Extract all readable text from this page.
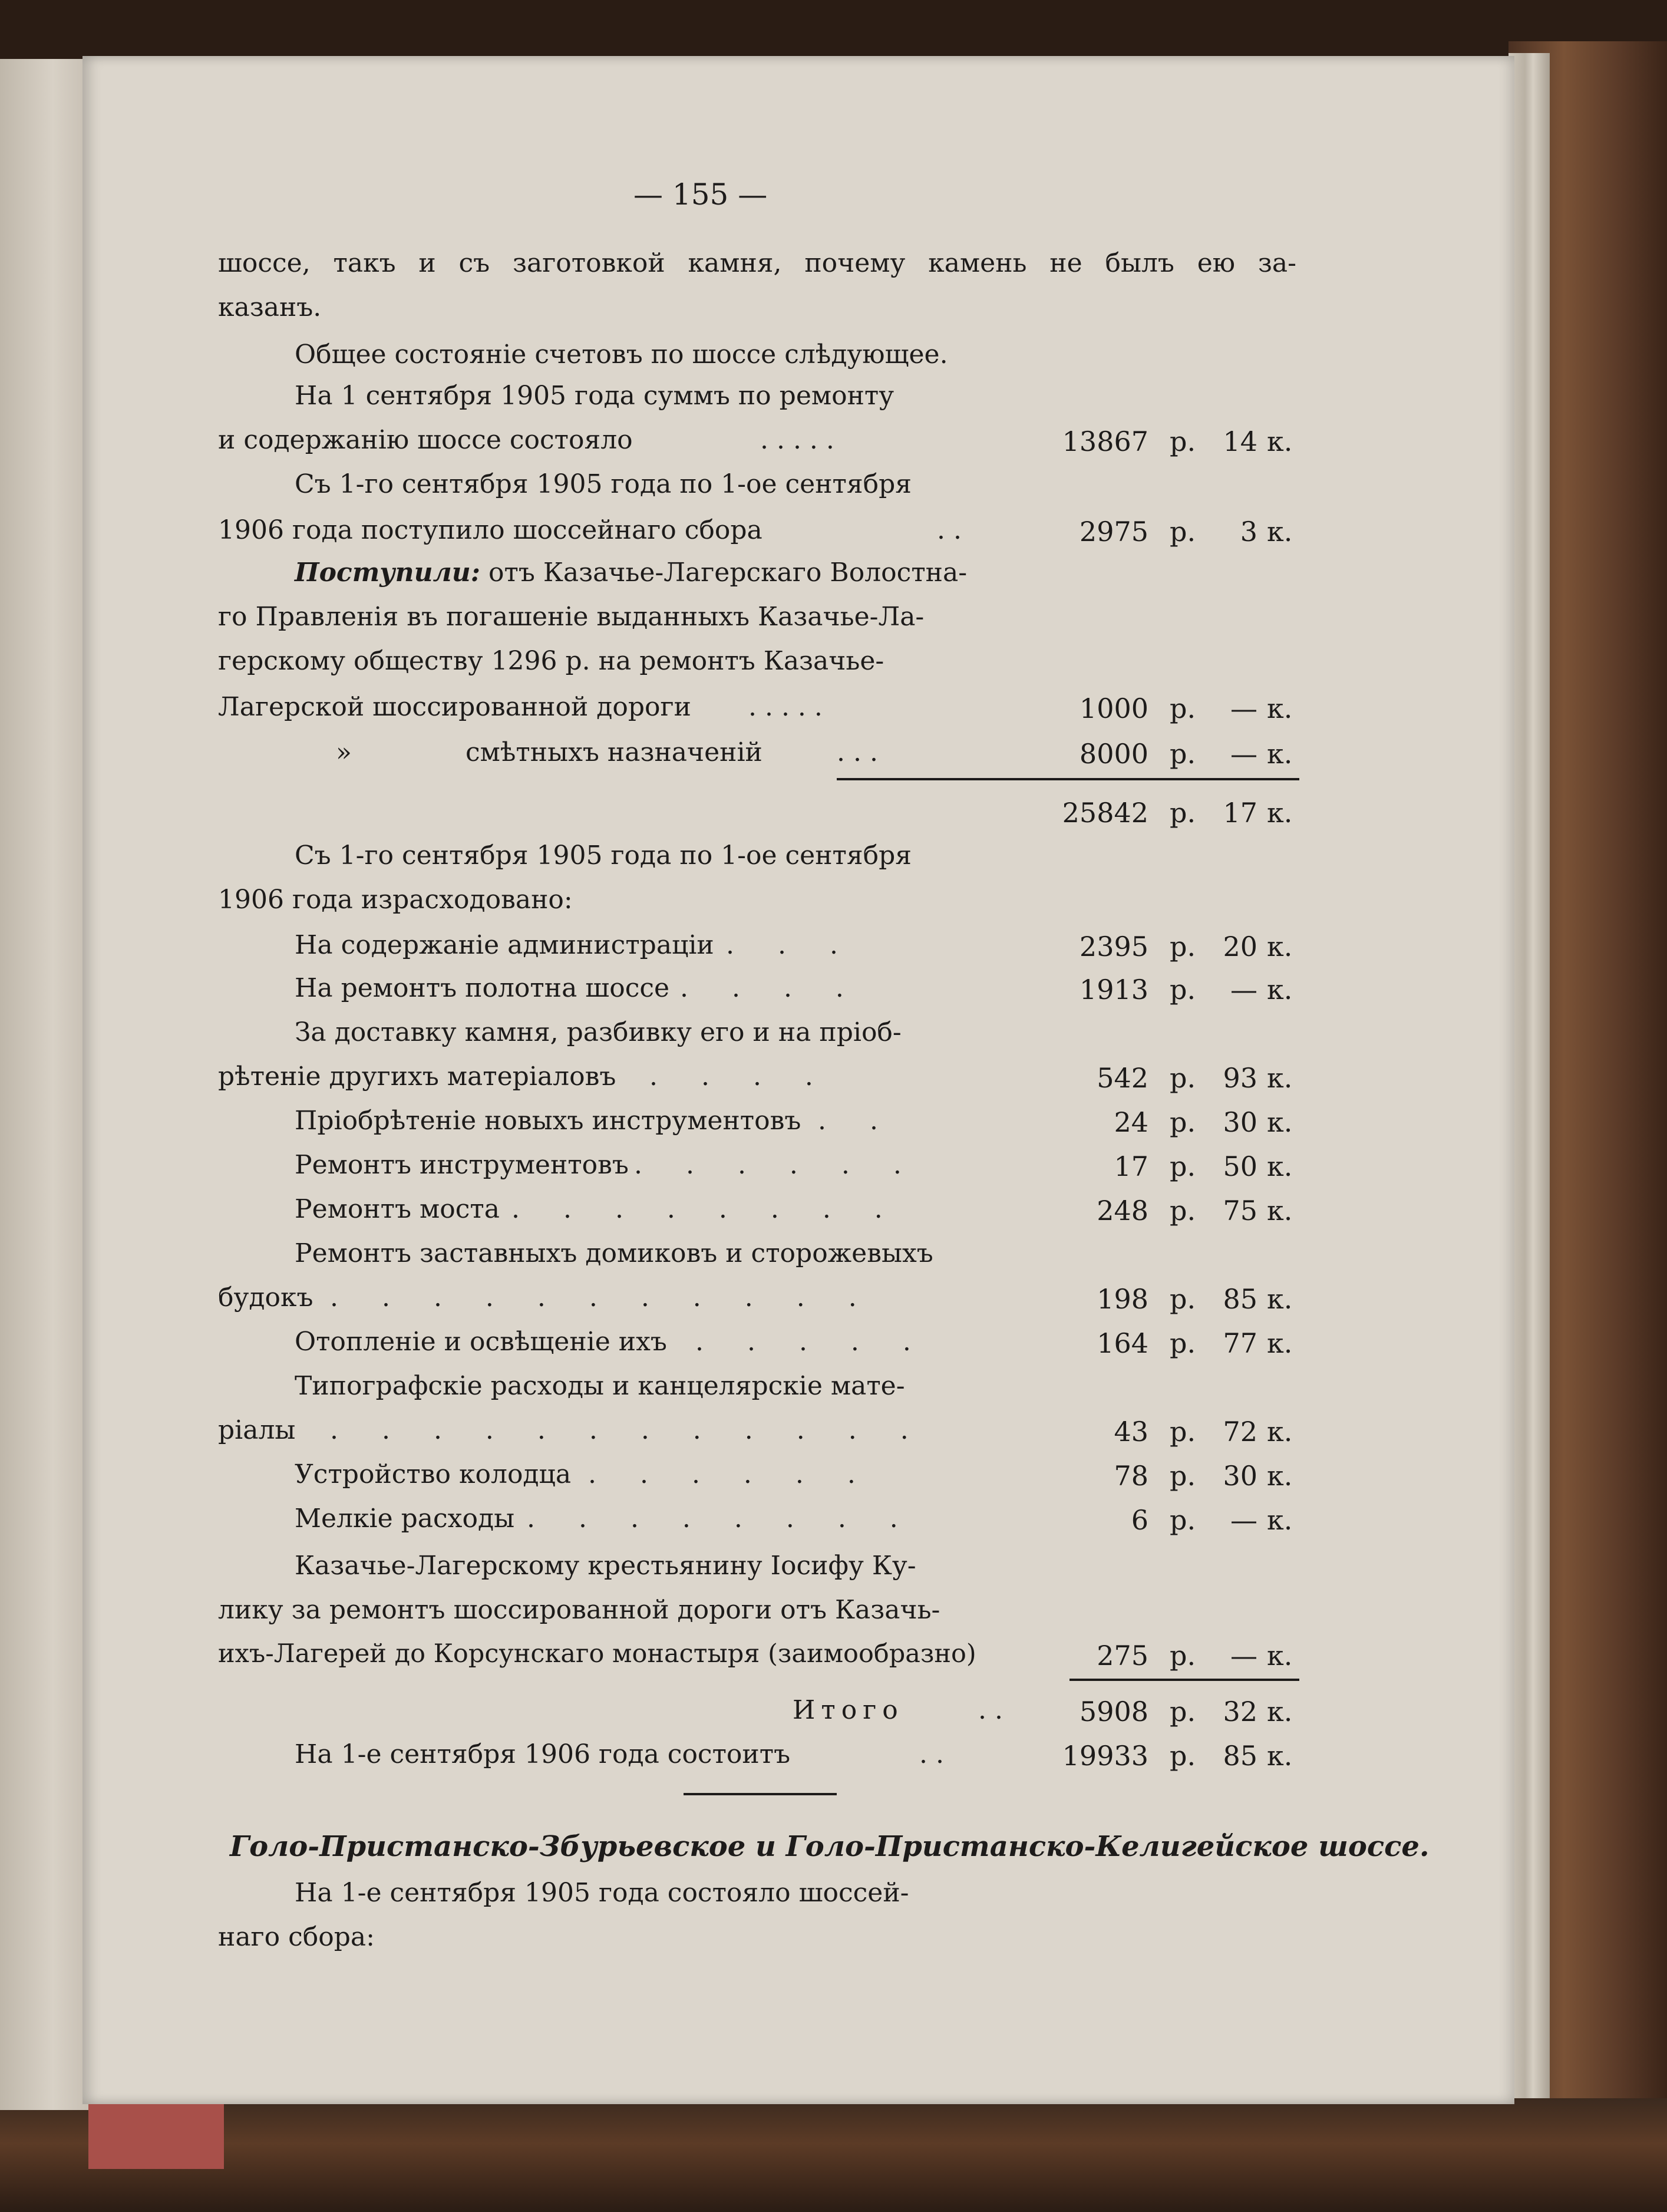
— 155 —
шоссе, такъ и съ заготовкой камня, почему камень не былъ ею за-
казанъ.
Общее состояніе счетовъ по шоссе слѣдующее.
На 1 сентября 1905 года суммъ по ремонту
и содержанію шоссе состояло	. . . . .	13867 р. 14 к.
Съ 1-го сентября 1905 года по 1-ое сентября
1906 года поступило шоссейнаго сбора	. .	2975 р. 3 к.
Поступили: отъ Казачье-Лагерскаго Волостна-
го Правленія въ погашеніе выданныхъ Казачье-Ла-
герскому обществу 1296 р. на ремонтъ Казачье-
Лагерской шоссированной дороги . . . . .	1000 р. — к.
»	смѣтныхъ назначеній	. . .	8000 р. — к.
25842 р. 17 к.
Съ 1-го сентября 1905 года по 1-ое сентября
1906 года израсходовано:
На содержаніе администраціи . . .	2395 р. 20 к.
На ремонтъ полотна шоссе . . . .	1913 р. — к.
За доставку камня, разбивку его и на пріоб-
рѣтеніе другихъ матеріаловъ . . . .	542 р. 93 к.
Пріобрѣтеніе новыхъ инструментовъ . .	24 р. 30 к.
Ремонтъ инструментовъ . . . . . .	17 р. 50 к.
Ремонтъ моста . . . . . . . .	248 р. 75 к.
Ремонтъ заставныхъ домиковъ и сторожевыхъ
будокъ . . . . . . . . . . .	198 р. 85 к.
Отопленіе и освѣщеніе ихъ . . . . .	164 р. 77 к.
Типографскіе расходы и канцелярскіе мате-
ріалы . . . . . . . . . . . .	43 р. 72 к.
Устройство колодца . . . . . .	78 р. 30 к.
Мелкіе расходы . . . . . . . .	6 р. — к.
Казачье-Лагерскому крестьянину Іосифу Ку-
лику за ремонтъ шоссированной дороги отъ Казачь-
ихъ-Лагерей до Корсунскаго монастыря (заимообразно)	275 р. — к.
Итого	. .	5908 р. 32 к.
На 1-е сентября 1906 года состоитъ	. .	19933 р. 85 к.
Голо-Пристанско-Збурьевское и Голо-Пристанско-Келигейское шоссе.
На 1-е сентября 1905 года состояло шоссей-
наго сбора:
